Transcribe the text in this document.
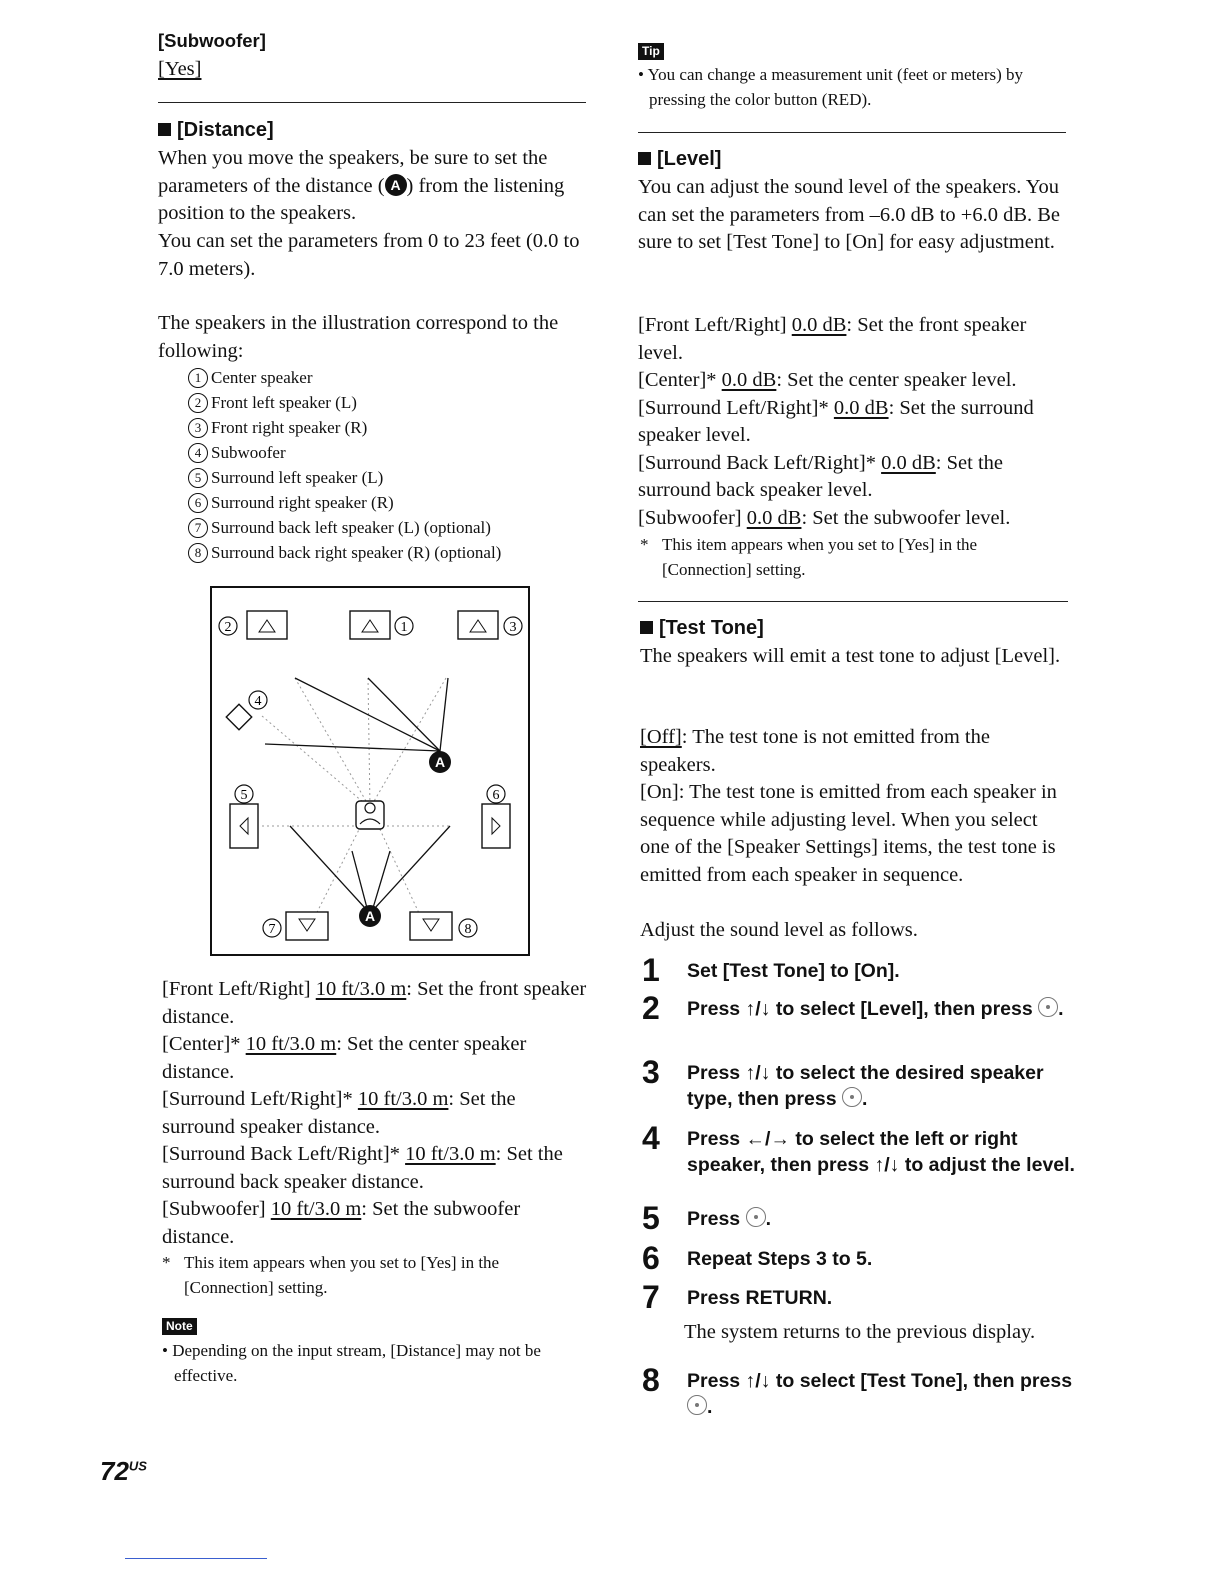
[Subwoofer]
[Yes]
[Distance]
When you move the speakers, be sure to set the parameters of the distance ( A ) from the listening position to the speakers.
You can set the parameters from 0 to 23 feet (0.0 to 7.0 meters).
The speakers in the illustration correspond to the following:
1 Center speaker
2 Front left speaker (L)
3 Front right speaker (R)
4 Subwoofer
5 Surround left speaker (L)
6 Surround right speaker (R)
7 Surround back left speaker (L) (optional)
8 Surround back right speaker (R) (optional)
1
2	3
4
5	6
7	8
A
A
[Front Left/Right] 10 ft/3.0 m: Set the front speaker distance.
[Center]* 10 ft/3.0 m: Set the center speaker distance.
[Surround Left/Right]* 10 ft/3.0 m: Set the surround speaker distance.
[Surround Back Left/Right]* 10 ft/3.0 m: Set the surround back speaker distance.
[Subwoofer] 10 ft/3.0 m: Set the subwoofer distance.
* This item appears when you set to [Yes] in the [Connection] setting.
Note
• Depending on the input stream, [Distance] may not be effective.
Tip
• You can change a measurement unit (feet or meters) by pressing the color button (RED).
[Level]
You can adjust the sound level of the speakers. You can set the parameters from –6.0 dB to +6.0 dB. Be sure to set [Test Tone] to [On] for easy adjustment.
[Front Left/Right] 0.0 dB: Set the front speaker level.
[Center]* 0.0 dB: Set the center speaker level.
[Surround Left/Right]* 0.0 dB: Set the surround speaker level.
[Surround Back Left/Right]* 0.0 dB: Set the surround back speaker level.
[Subwoofer] 0.0 dB: Set the subwoofer level.
* This item appears when you set to [Yes] in the [Connection] setting.
[Test Tone]
The speakers will emit a test tone to adjust [Level].
[Off]: The test tone is not emitted from the speakers.
[On]: The test tone is emitted from each speaker in sequence while adjusting level. When you select one of the [Speaker Settings] items, the test tone is emitted from each speaker in sequence.
Adjust the sound level as follows.
1 Set [Test Tone] to [On].
2 Press ↑/↓ to select [Level], then press .
3 Press ↑/↓ to select the desired speaker type, then press .
4 Press ←/→ to select the left or right speaker, then press ↑/↓ to adjust the level.
5 Press .
6 Repeat Steps 3 to 5.
7 Press RETURN.
The system returns to the previous display.
8 Press ↑/↓ to select [Test Tone], then press .
$72^{US}$
